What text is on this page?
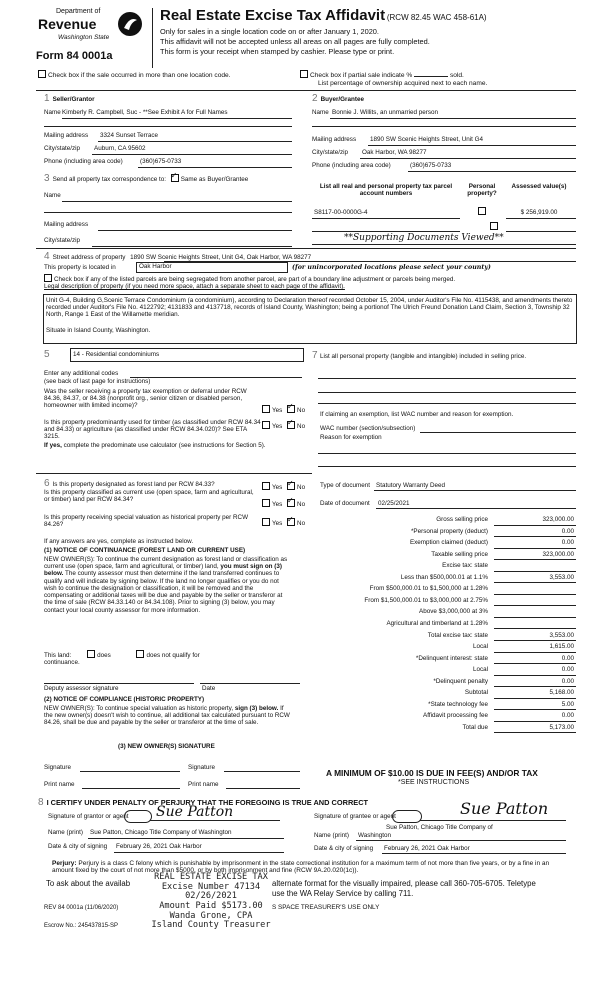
Department of
Revenue
Washington State
Form 84 0001a
Real Estate Excise Tax Affidavit (RCW 82.45 WAC 458-61A)
Only for sales in a single location code on or after January 1, 2020.
This affidavit will not be accepted unless all areas on all pages are fully completed.
This form is your receipt when stamped by cashier. Please type or print.
Check box if the sale occurred in more than one location code.	Check box if partial sale indicate %	sold.
List percentage of ownership acquired next to each name.
1 Seller/Grantor
Name Kimberly R. Campbell, Suc - **See Exhibit A for Full Names
Mailing address 3324 Sunset Terrace
City/state/zip Auburn, CA 95602
Phone (including area code)	(360)675-0733
2 Buyer/Grantee
Name Bonnie J. Willits, an unmarried person
Mailing address 1890 SW Scenic Heights Street, Unit G4
City/state/zip Oak Harbor, WA 98277
Phone (including area code)	(360)675-0733
3 Send all property tax correspondence to: ✓ Same as Buyer/Grantee
Name
Mailing address
City/state/zip
List all real and personal property tax parcel account numbers
Personal property?
Assessed value(s)
S8117-00-0000G-4
	$ 256,919.00
**Supporting Documents Viewed**
4 Street address of property 1890 SW Scenic Heights Street, Unit G4, Oak Harbor, WA 98277
This property is located in	Oak Harbor	(for unincorporated locations please select your county)
Check box if any of the listed parcels are being segregated from another parcel, are part of a boundary line adjustment or parcels being merged.
Legal description of property (if you need more space, attach a separate sheet to each page of the affidavit).
Unit G-4, Building G,Scenic Terrace Condominium (a condominium), according to Declaration thereof recorded October 15, 2004, under Auditor's File No. 4115438, and amendments thereto recorded under Auditor's File No. 4122792; 4131833 and 4137718, records of Island County, Washington; being a portionof The Ulrich Freund Donation Land Claim, Section 3, Township 32 North, Range 1 East of the Willamette meridian.
Situate in Island County, Washington.
5	14 - Residential condominiums
Enter any additional codes
(see back of last page for instructions)
Was the seller receiving a property tax exemption or deferral under RCW 84.36, 84.37, or 84.38 (nonprofit org., senior citizen or disabled person, homeowner with limited income)?
Yes ✓ No
Is this property predominantly used for timber (as classified under RCW 84.34 and 84.33) or agriculture (as classified under RCW 84.34.020)? See ETA 3215.
Yes ✓ No
If yes, complete the predominate use calculator (see instructions for Section 5).
7 List all personal property (tangible and intangible) included in selling price.
If claiming an exemption, list WAC number and reason for exemption.
WAC number (section/subsection)
Reason for exemption
6 Is this property designated as forest land per RCW 84.33?	Yes ✓ No
Is this property classified as current use (open space, farm and agricultural, or timber) land per RCW 84.34?
Yes ✓ No
Is this property receiving special valuation as historical property per RCW 84.26?	Yes ✓ No
If any answers are yes, complete as instructed below.
(1) NOTICE OF CONTINUANCE (FOREST LAND OR CURRENT USE)
NEW OWNER(S): To continue the current designation as forest land or classification as current use (open space, farm and agricultural, or timber) land, you must sign on (3) below. The county assessor must then determine if the land transferred continues to qualify and will indicate by signing below. If the land no longer qualifies or you do not wish to continue the designation or classification, it will be removed and the compensating or additional taxes will be due and payable by the seller or transferor at the time of sale (RCW 84.33.140 or 84.34.108). Prior to signing (3) below, you may contact your local county assessor for more information.
This land:	does	does not qualify for
continuance.
Deputy assessor signature	Date
(2) NOTICE OF COMPLIANCE (HISTORIC PROPERTY)
NEW OWNER(S): To continue special valuation as historic property, sign (3) below. If the new owner(s) doesn't wish to continue, all additional tax calculated pursuant to RCW 84.26, shall be due and payable by the seller or transferor at the time of sale.
(3) NEW OWNER(S) SIGNATURE
Signature	Signature
Print name	Print name
Type of document Statutory Warranty Deed
Date of document 02/25/2021
Gross selling price	323,000.00
*Personal property (deduct)	0.00
Exemption claimed (deduct)	0.00
Taxable selling price	323,000.00
Excise tax: state
Less than $500,000.01 at 1.1%	3,553.00
From $500,000.01 to $1,500,000 at 1.28%
From $1,500,000.01 to $3,000,000 at 2.75%
Above $3,000,000 at 3%
Agricultural and timberland at 1.28%
Total excise tax: state	3,553.00
Local	1,615.00
*Delinquent interest: state	0.00
Local	0.00
*Delinquent penalty	0.00
Subtotal	5,168.00
*State technology fee	5.00
Affidavit processing fee	0.00
Total due	5,173.00
A MINIMUM OF $10.00 IS DUE IN FEE(S) AND/OR TAX
*SEE INSTRUCTIONS
8 I CERTIFY UNDER PENALTY OF PERJURY THAT THE FOREGOING IS TRUE AND CORRECT
Signature of grantor or agent Sue Patton	Signature of grantee or agent	Sue Patton
Name (print) Sue Patton, Chicago Title Company of Washington
Sue Patton, Chicago Title Company of
Name (print) Washington
Date & city of signing February 26, 2021 Oak Harbor	Date & city of signing February 26, 2021 Oak Harbor
Perjury: Perjury is a class C felony which is punishable by imprisonment in the state correctional institution for a maximum term of not more than five years, or by a fine in an amount fixed by the court of not more than $5000, or by both imprisonment and fine (RCW 9A.20.020(1c)).
To ask about the availab	alternate format for the visually impaired, please call 360-705-6705. Teletype
use the WA Relay Service by calling 711.
REV 84 0001a (11/06/2020)	S SPACE TREASURER'S USE ONLY
Escrow No.: 245437815-SP
REAL ESTATE EXCISE TAX
Excise Number 47134
02/26/2021
Amount Paid $5173.00
Wanda Grone, CPA
Island County Treasurer
